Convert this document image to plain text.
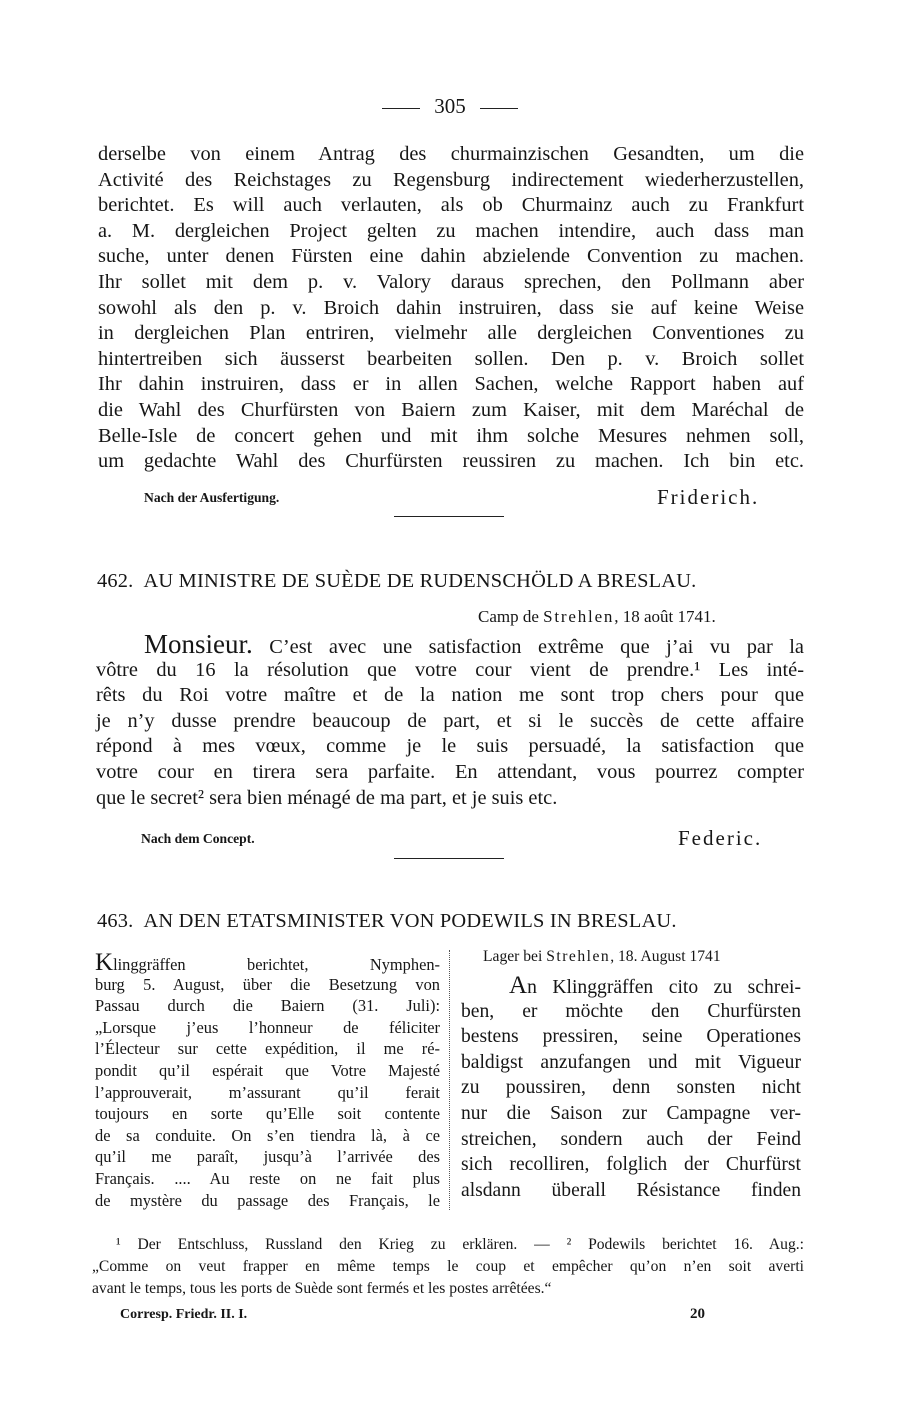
305
derselbe von einem Antrag des churmainzischen Gesandten, um die
Activité des Reichstages zu Regensburg indirectement wiederherzustellen,
berichtet. Es will auch verlauten, als ob Churmainz auch zu Frankfurt
a. M. dergleichen Project gelten zu machen intendire, auch dass man
suche, unter denen Fürsten eine dahin abzielende Convention zu machen.
Ihr sollet mit dem p. v. Valory daraus sprechen, den Pollmann aber
sowohl als den p. v. Broich dahin instruiren, dass sie auf keine Weise
in dergleichen Plan entriren, vielmehr alle dergleichen Conventiones zu
hintertreiben sich äusserst bearbeiten sollen. Den p. v. Broich sollet
Ihr dahin instruiren, dass er in allen Sachen, welche Rapport haben auf
die Wahl des Churfürsten von Baiern zum Kaiser, mit dem Maréchal de
Belle-Isle de concert gehen und mit ihm solche Mesures nehmen soll,
um gedachte Wahl des Churfürsten reussiren zu machen. Ich bin etc.
Nach der Ausfertigung.	Friderich.
462. AU MINISTRE DE SUÈDE DE RUDENSCHÖLD A BRESLAU.
Camp de Strehlen, 18 août 1741.
Monsieur. C’est avec une satisfaction extrême que j’ai vu par la
vôtre du 16 la résolution que votre cour vient de prendre.¹ Les inté-
rêts du Roi votre maître et de la nation me sont trop chers pour que
je n’y dusse prendre beaucoup de part, et si le succès de cette affaire
répond à mes vœux, comme je le suis persuadé, la satisfaction que
votre cour en tirera sera parfaite. En attendant, vous pourrez compter
que le secret² sera bien ménagé de ma part, et je suis etc.
Nach dem Concept.	Federic.
463. AN DEN ETATSMINISTER VON PODEWILS IN BRESLAU.
Klinggräffen berichtet, Nymphen-
burg 5. August, über die Besetzung von
Passau durch die Baiern (31. Juli):
„Lorsque j’eus l’honneur de féliciter
l’Électeur sur cette expédition, il me ré-
pondit qu’il espérait que Votre Majesté
l’approuverait, m’assurant qu’il ferait
toujours en sorte qu’Elle soit contente
de sa conduite. On s’en tiendra là, à ce
qu’il me paraît, jusqu’à l’arrivée des
Français. .... Au reste on ne fait plus
de mystère du passage des Français, le
Lager bei Strehlen, 18. August 1741
An Klinggräffen cito zu schrei-
ben, er möchte den Churfürsten
bestens pressiren, seine Operationes
baldigst anzufangen und mit Vigueur
zu poussiren, denn sonsten nicht
nur die Saison zur Campagne ver-
streichen, sondern auch der Feind
sich recolliren, folglich der Churfürst
alsdann überall Résistance finden
¹ Der Entschluss, Russland den Krieg zu erklären. — ² Podewils berichtet 16. Aug.:
„Comme on veut frapper en même temps le coup et empêcher qu’on n’en soit averti
avant le temps, tous les ports de Suède sont fermés et les postes arrêtées.“
Corresp. Friedr. II. I.	20
